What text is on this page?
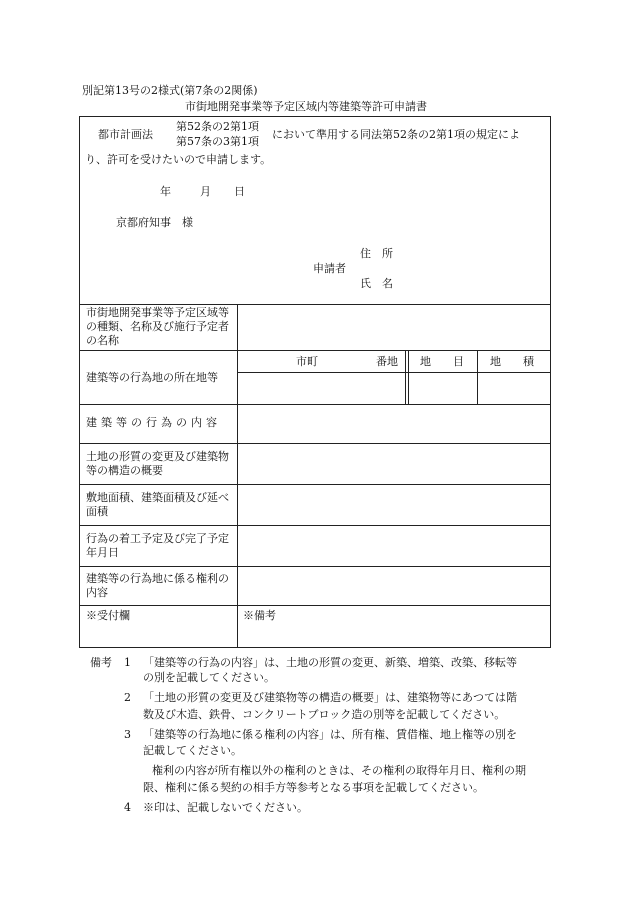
別記第13号の2様式(第7条の2関係)
市街地開発事業等予定区域内等建築等許可申請書
都市計画法
第52条の2第1項
第57条の3第1項
において準用する同法第52条の2第1項の規定によ
り、許可を受けたいので申請します。
年	月 日
京都府知事　様
住　所
申請者
氏　名
市街地開発事業等予定区域等の種類、名称及び施行予定者の名称
建築等の行為地の所在地等
市町	番地 地　　目 地　　積
建築等の行為の内容
土地の形質の変更及び建築物等の構造の概要
敷地面積、建築面積及び延べ面積
行為の着工予定及び完了予定年月日
建築等の行為地に係る権利の内容
※受付欄	※備考
備考 1 「建築等の行為の内容」は、土地の形質の変更、新築、増築、改築、移転等
の別を記載してください。
2 「土地の形質の変更及び建築物等の構造の概要」は、建築物等にあつては階
数及び木造、鉄骨、コンクリートブロック造の別等を記載してください。
3 「建築等の行為地に係る権利の内容」は、所有権、賃借権、地上権等の別を
記載してください。
権利の内容が所有権以外の権利のときは、その権利の取得年月日、権利の期
限、権利に係る契約の相手方等参考となる事項を記載してください。
4 ※印は、記載しないでください。
